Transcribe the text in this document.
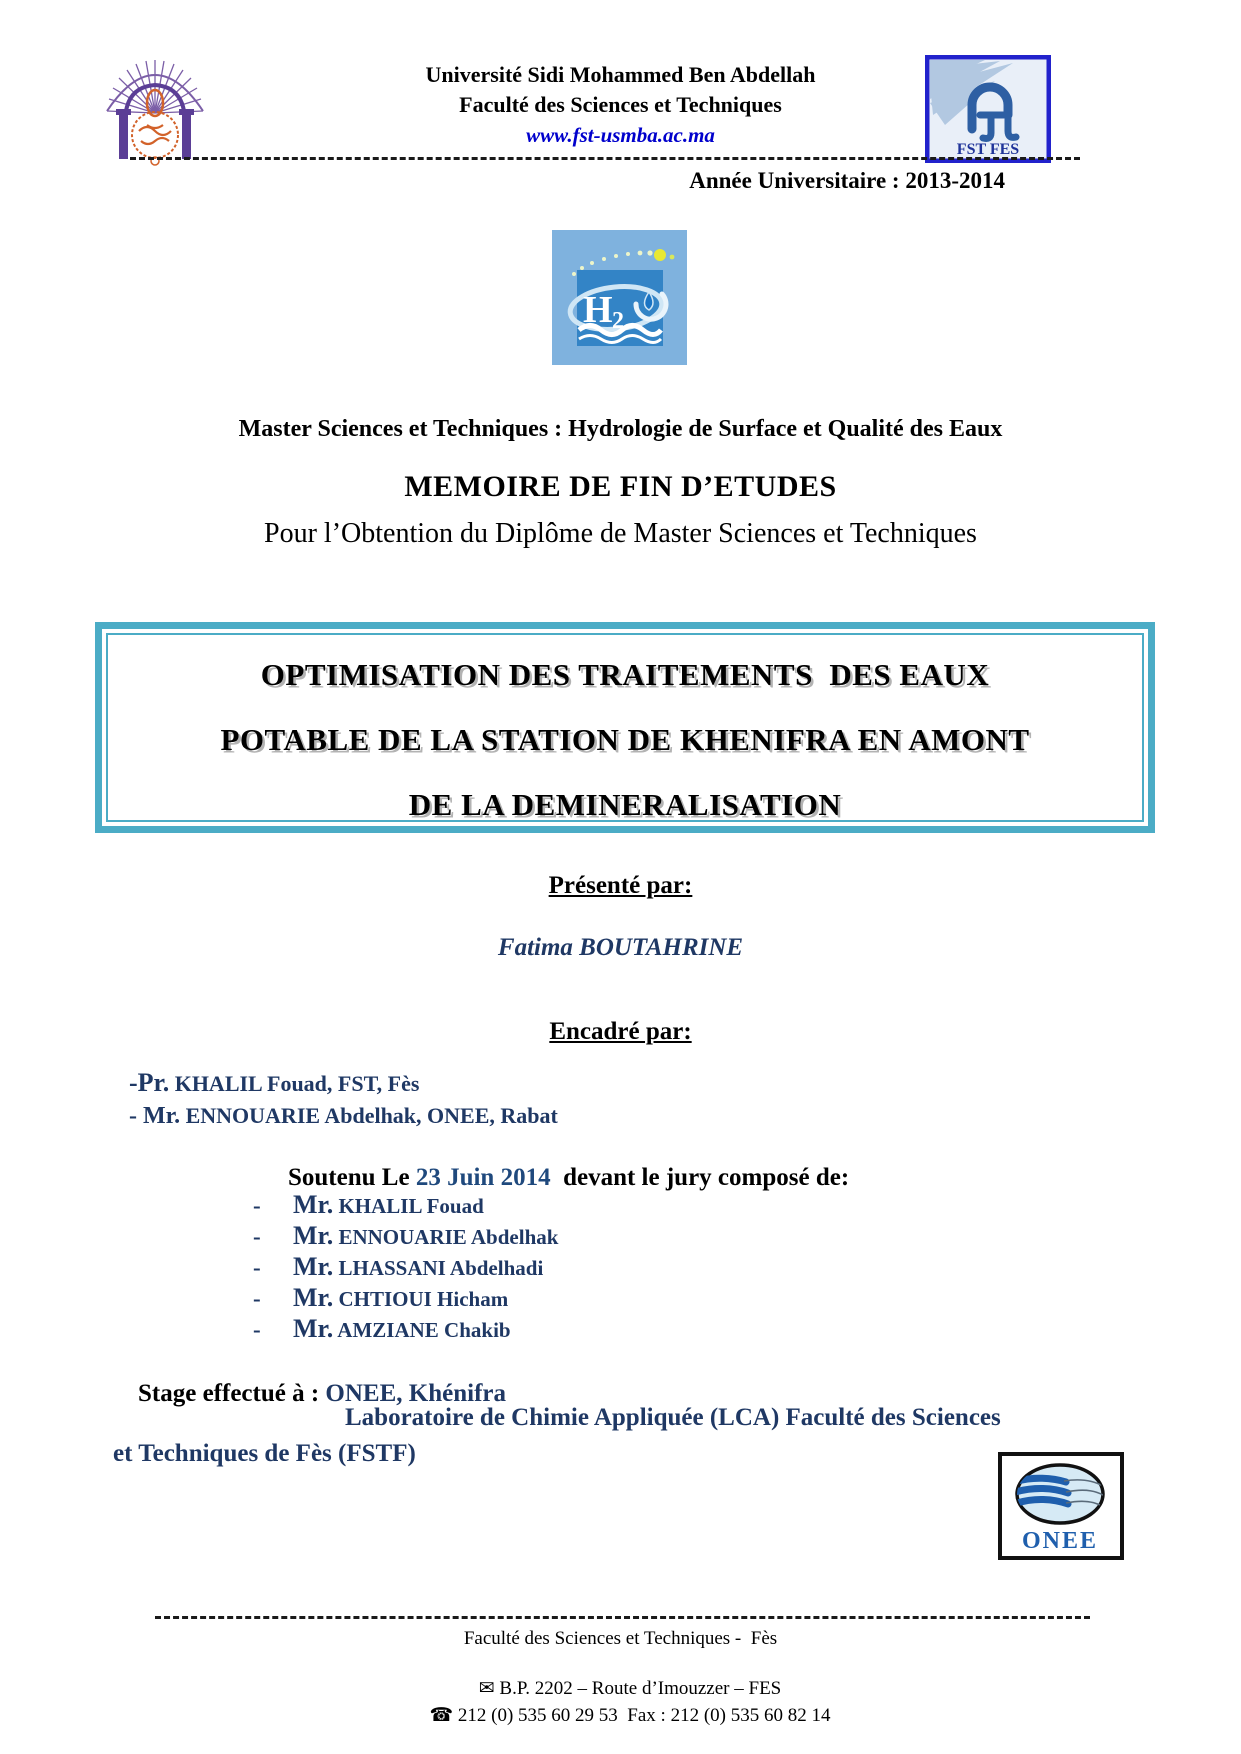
Université Sidi Mohammed Ben Abdellah
Faculté des Sciences et Techniques
www.fst-usmba.ac.ma
FST FES
Année Universitaire : 2013-2014
H 2
Master Sciences et Techniques : Hydrologie de Surface et Qualité des Eaux
MEMOIRE DE FIN D’ETUDES
Pour l’Obtention du Diplôme de Master Sciences et Techniques
OPTIMISATION DES TRAITEMENTS  DES EAUX
POTABLE DE LA STATION DE KHENIFRA EN AMONT
DE LA DEMINERALISATION
Présenté par:
Fatima BOUTAHRINE
Encadré par:

-Pr. KHALIL Fouad, FST, Fès

- Mr. ENNOUARIE Abdelhak, ONEE, Rabat

Soutenu Le 23 Juin 2014  devant le jury composé de:

- Mr. KHALIL Fouad

- Mr. ENNOUARIE Abdelhak

- Mr. LHASSANI Abdelhadi

- Mr. CHTIOUI Hicham

- Mr. AMZIANE Chakib

Stage effectué à : ONEE, Khénifra

Laboratoire de Chimie Appliquée (LCA) Faculté des Sciences
et Techniques de Fès (FSTF)
ONEE
Faculté des Sciences et Techniques -  Fès

✉ B.P. 2202 – Route d’Imouzzer – FES

☎ 212 (0) 535 60 29 53  Fax : 212 (0) 535 60 82 14
